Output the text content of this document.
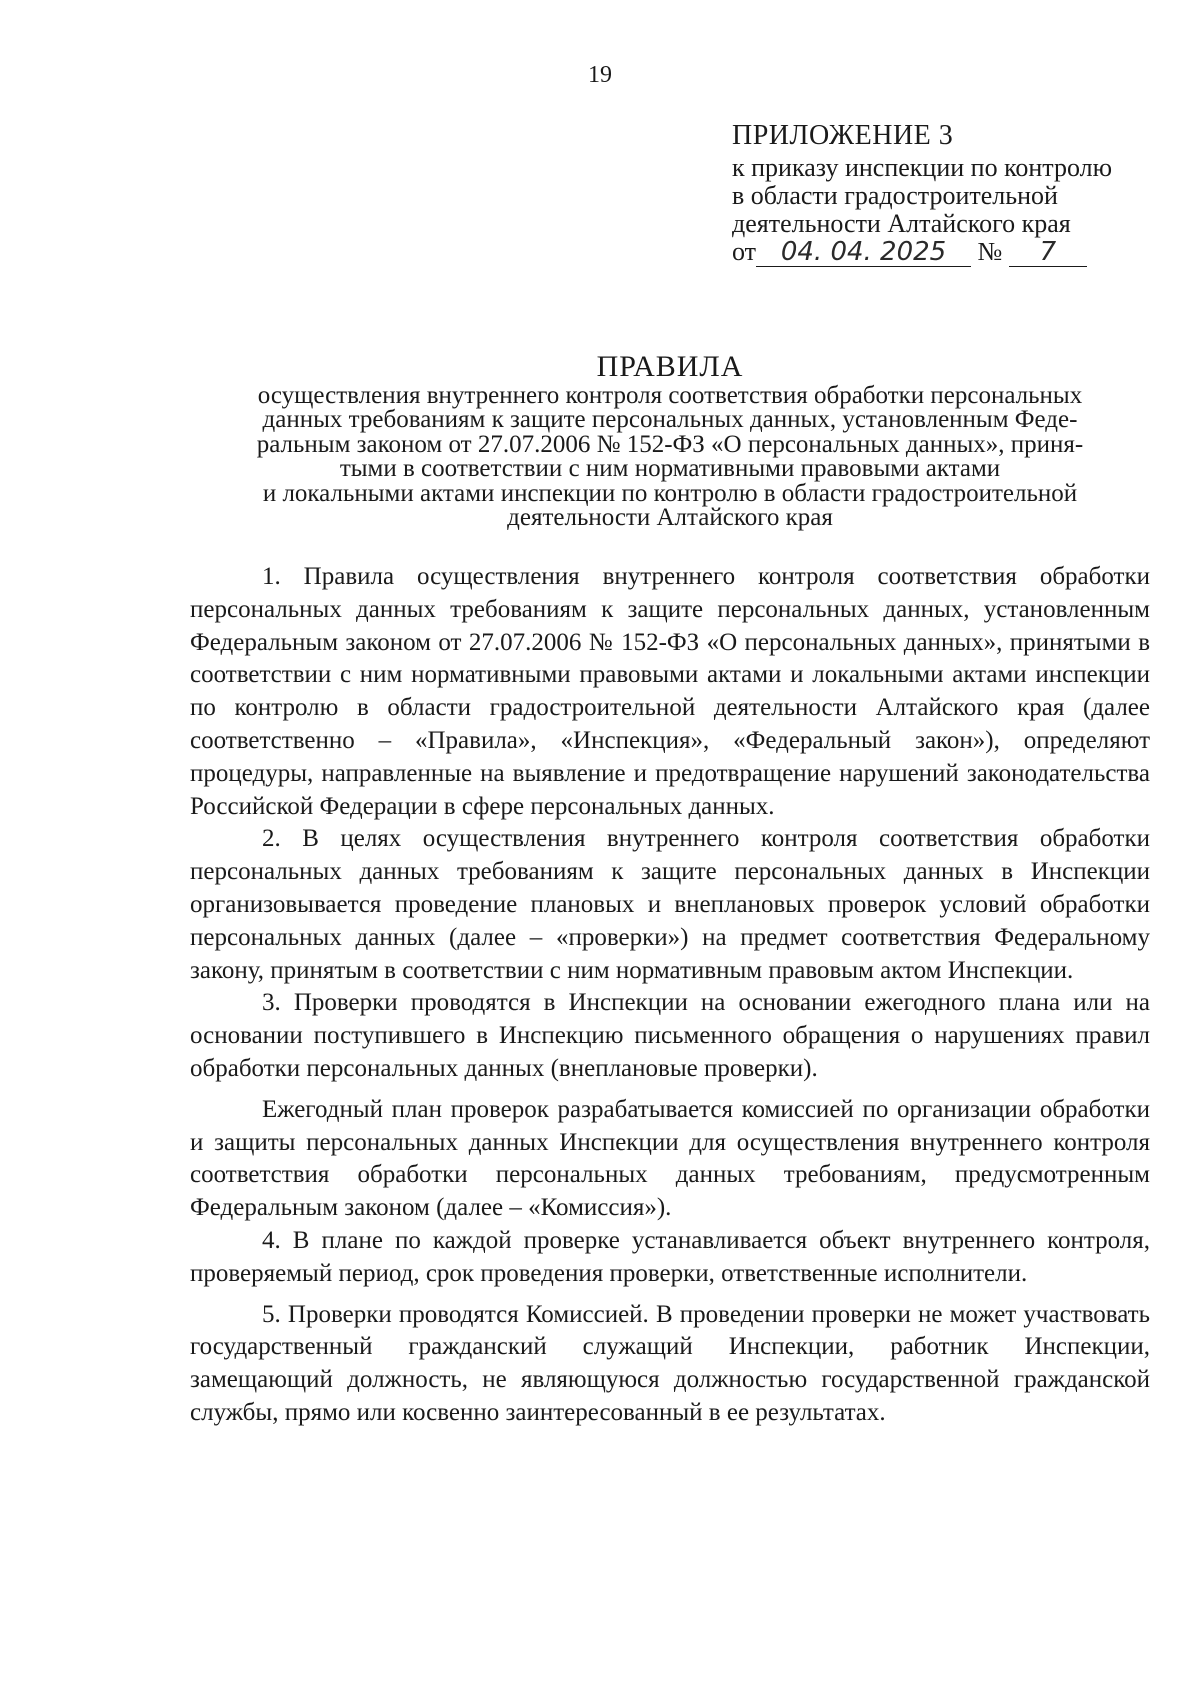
19
ПРИЛОЖЕНИЕ 3
к приказу инспекции по контролю
в области градостроительной
деятельности Алтайского края
от 04. 04. 2025 № 7
ПРАВИЛА
осуществления внутреннего контроля соответствия обработки персональных
данных требованиям к защите персональных данных, установленным Феде-
ральным законом от 27.07.2006 № 152-ФЗ «О персональных данных», приня-
тыми в соответствии с ним нормативными правовыми актами
и локальными актами инспекции по контролю в области градостроительной
деятельности Алтайского края

1. Правила осуществления внутреннего контроля соответствия обработки персональных данных требованиям к защите персональных данных, установленным Федеральным законом от 27.07.2006 № 152-ФЗ «О персональных данных», принятыми в соответствии с ним нормативными правовыми актами и локальными актами инспекции по контролю в области градостроительной деятельности Алтайского края (далее соответственно – «Правила», «Инспекция», «Федеральный закон»), определяют процедуры, направленные на выявление и предотвращение нарушений законодательства Российской Федерации в сфере персональных данных.

2. В целях осуществления внутреннего контроля соответствия обработки персональных данных требованиям к защите персональных данных в Инспекции организовывается проведение плановых и внеплановых проверок условий обработки персональных данных (далее – «проверки») на предмет соответствия Федеральному закону, принятым в соответствии с ним нормативным правовым актом Инспекции.

3. Проверки проводятся в Инспекции на основании ежегодного плана или на основании поступившего в Инспекцию письменного обращения о нарушениях правил обработки персональных данных (внеплановые проверки).

Ежегодный план проверок разрабатывается комиссией по организации обработки и защиты персональных данных Инспекции для осуществления внутреннего контроля соответствия обработки персональных данных требованиям, предусмотренным Федеральным законом (далее – «Комиссия»).

4. В плане по каждой проверке устанавливается объект внутреннего контроля, проверяемый период, срок проведения проверки, ответственные исполнители.

5. Проверки проводятся Комиссией. В проведении проверки не может участвовать государственный гражданский служащий Инспекции, работник Инспекции, замещающий должность, не являющуюся должностью государственной гражданской службы, прямо или косвенно заинтересованный в ее результатах.
